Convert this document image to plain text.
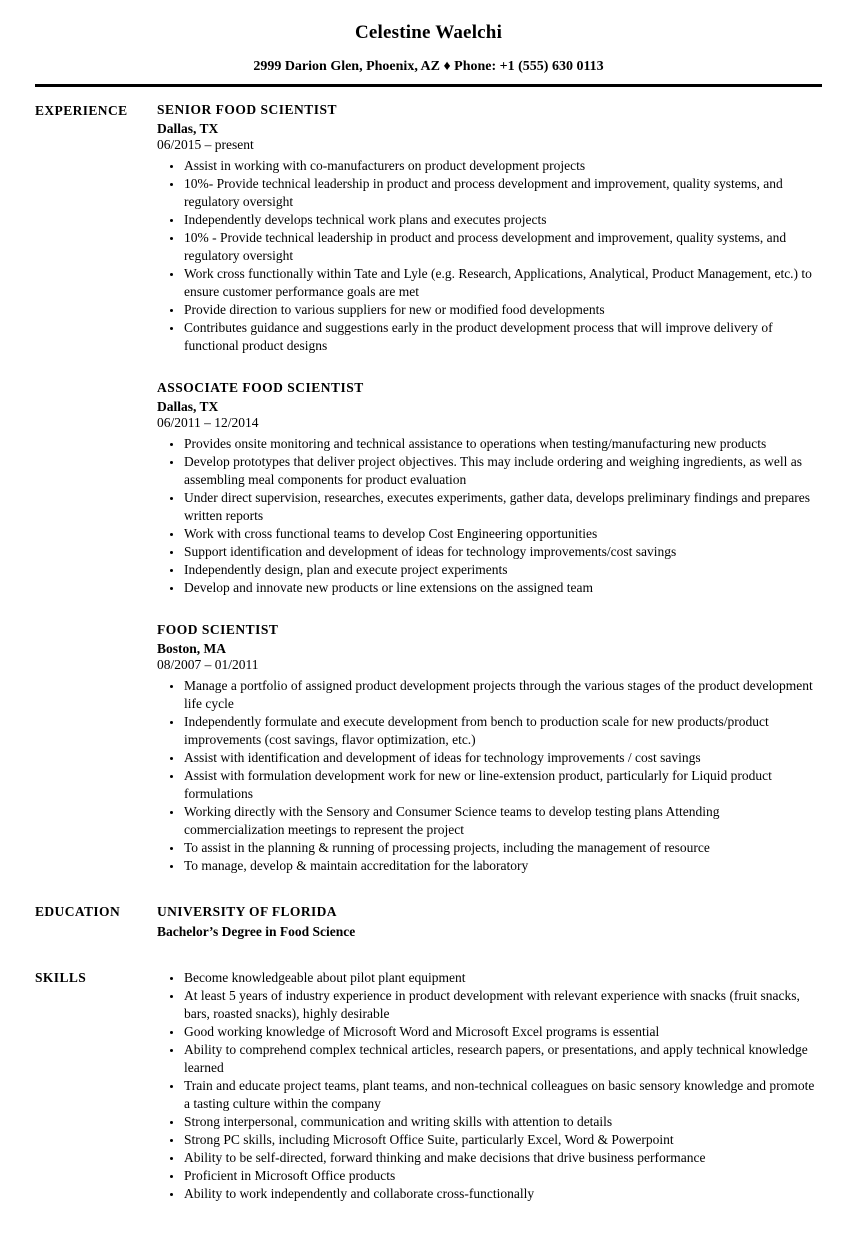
Celestine Waelchi
2999 Darion Glen, Phoenix, AZ ♦ Phone: +1 (555) 630 0113
EXPERIENCE	SENIOR FOOD SCIENTIST
Dallas, TX
06/2015 – present
• Assist in working with co-manufacturers on product development projects
• 10%- Provide technical leadership in product and process development and improvement, quality systems, and regulatory oversight
• Independently develops technical work plans and executes projects
• 10% - Provide technical leadership in product and process development and improvement, quality systems, and regulatory oversight
• Work cross functionally within Tate and Lyle (e.g. Research, Applications, Analytical, Product Management, etc.) to ensure customer performance goals are met
• Provide direction to various suppliers for new or modified food developments
• Contributes guidance and suggestions early in the product development process that will improve delivery of functional product designs
ASSOCIATE FOOD SCIENTIST
Dallas, TX
06/2011 – 12/2014
• Provides onsite monitoring and technical assistance to operations when testing/manufacturing new products
• Develop prototypes that deliver project objectives. This may include ordering and weighing ingredients, as well as assembling meal components for product evaluation
• Under direct supervision, researches, executes experiments, gather data, develops preliminary findings and prepares written reports
• Work with cross functional teams to develop Cost Engineering opportunities
• Support identification and development of ideas for technology improvements/cost savings
• Independently design, plan and execute project experiments
• Develop and innovate new products or line extensions on the assigned team
FOOD SCIENTIST
Boston, MA
08/2007 – 01/2011
• Manage a portfolio of assigned product development projects through the various stages of the product development life cycle
• Independently formulate and execute development from bench to production scale for new products/product improvements (cost savings, flavor optimization, etc.)
• Assist with identification and development of ideas for technology improvements / cost savings
• Assist with formulation development work for new or line-extension product, particularly for Liquid product formulations
• Working directly with the Sensory and Consumer Science teams to develop testing plans Attending commercialization meetings to represent the project
• To assist in the planning & running of processing projects, including the management of resource
• To manage, develop & maintain accreditation for the laboratory
EDUCATION	UNIVERSITY OF FLORIDA
Bachelor’s Degree in Food Science
SKILLS	• Become knowledgeable about pilot plant equipment
• At least 5 years of industry experience in product development with relevant experience with snacks (fruit snacks, bars, roasted snacks), highly desirable
• Good working knowledge of Microsoft Word and Microsoft Excel programs is essential
• Ability to comprehend complex technical articles, research papers, or presentations, and apply technical knowledge learned
• Train and educate project teams, plant teams, and non-technical colleagues on basic sensory knowledge and promote a tasting culture within the company
• Strong interpersonal, communication and writing skills with attention to details
• Strong PC skills, including Microsoft Office Suite, particularly Excel, Word & Powerpoint
• Ability to be self-directed, forward thinking and make decisions that drive business performance
• Proficient in Microsoft Office products
• Ability to work independently and collaborate cross-functionally
